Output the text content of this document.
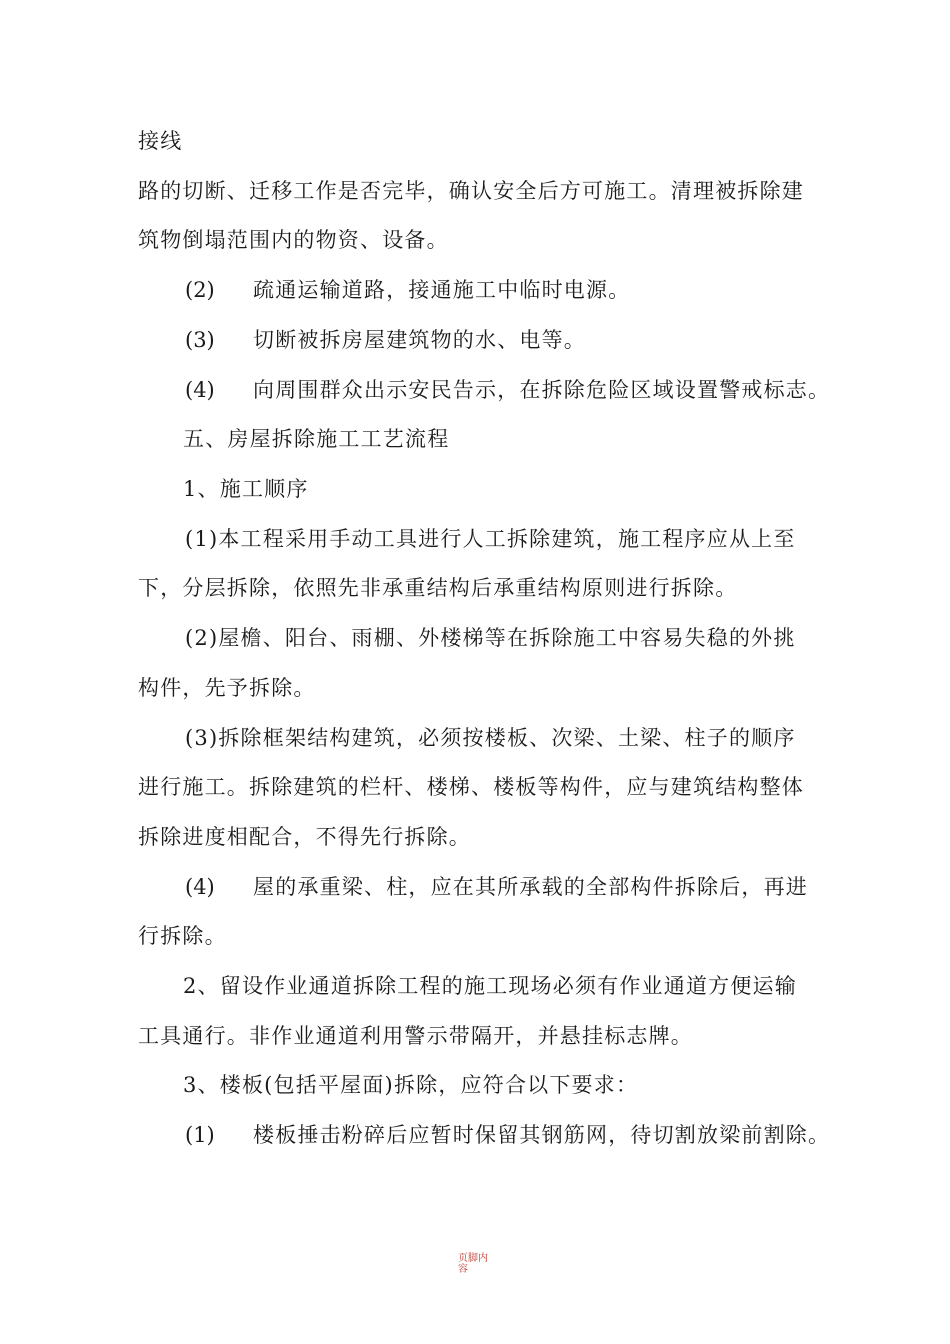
接线
路的切断、迁移工作是否完毕，确认安全后方可施工。清理被拆除建
筑物倒塌范围内的物资、设备。
(2) 疏通运输道路，接通施工中临时电源。
(3) 切断被拆房屋建筑物的水、电等。
(4) 向周围群众出示安民告示，在拆除危险区域设置警戒标志。
五、房屋拆除施工工艺流程
1、施工顺序
(1)本工程采用手动工具进行人工拆除建筑，施工程序应从上至
下，分层拆除，依照先非承重结构后承重结构原则进行拆除。
(2)屋檐、阳台、雨棚、外楼梯等在拆除施工中容易失稳的外挑
构件，先予拆除。
(3)拆除框架结构建筑，必须按楼板、次梁、土梁、柱子的顺序
进行施工。拆除建筑的栏杆、楼梯、楼板等构件，应与建筑结构整体
拆除进度相配合，不得先行拆除。
(4) 屋的承重梁、柱，应在其所承载的全部构件拆除后，再进
行拆除。
2、留设作业通道拆除工程的施工现场必须有作业通道方便运输
工具通行。非作业通道利用警示带隔开，并悬挂标志牌。
3、楼板(包括平屋面)拆除，应符合以下要求：
(1) 楼板捶击粉碎后应暂时保留其钢筋网，待切割放梁前割除。
页脚内容
